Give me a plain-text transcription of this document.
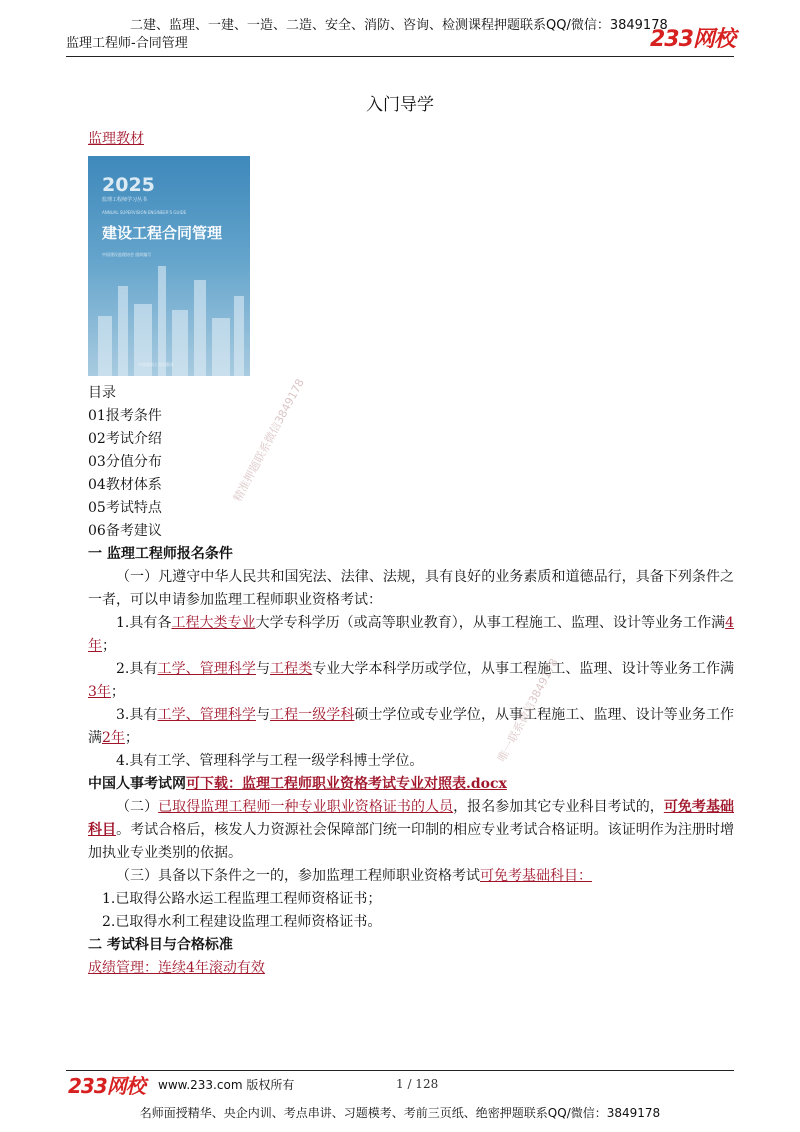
二建、监理、一建、一造、二造、安全、消防、咨询、检测课程押题联系QQ/微信：3849178
监理工程师-合同管理	233网校
入门导学
监理教材
2025
监理工程师学习丛书
ANNUAL SUPERVISION ENGINEER'S GUIDE
建设工程合同管理
中国建设监理协会 组织编写
中国建筑工业出版社

目录

01报考条件

02考试介绍

03分值分布

04教材体系

05考试特点

06备考建议

一 监理工程师报名条件

（一）凡遵守中华人民共和国宪法、法律、法规，具有良好的业务素质和道德品行，具备下列条件之一者，可以申请参加监理工程师职业资格考试：

1.具有各工程大类专业大学专科学历（或高等职业教育），从事工程施工、监理、设计等业务工作满4年；

2.具有工学、管理科学与工程类专业大学本科学历或学位，从事工程施工、监理、设计等业务工作满3年；

3.具有工学、管理科学与工程一级学科硕士学位或专业学位，从事工程施工、监理、设计等业务工作满2年；

4.具有工学、管理科学与工程一级学科博士学位。

中国人事考试网可下载：监理工程师职业资格考试专业对照表.docx

（二）已取得监理工程师一种专业职业资格证书的人员，报名参加其它专业科目考试的，可免考基础科目。考试合格后，核发人力资源社会保障部门统一印制的相应专业考试合格证明。该证明作为注册时增加执业专业类别的依据。

（三）具备以下条件之一的，参加监理工程师职业资格考试可免考基础科目：

1.已取得公路水运工程监理工程师资格证书；

2.已取得水利工程建设监理工程师资格证书。

二 考试科目与合格标准

成绩管理：连续4年滚动有效

精准押题联系微信3849178
唯一联系微信3849178
233网校 www.233.com 版权所有	1 / 128
名师面授精华、央企内训、考点串讲、习题模考、考前三页纸、绝密押题联系QQ/微信：3849178
